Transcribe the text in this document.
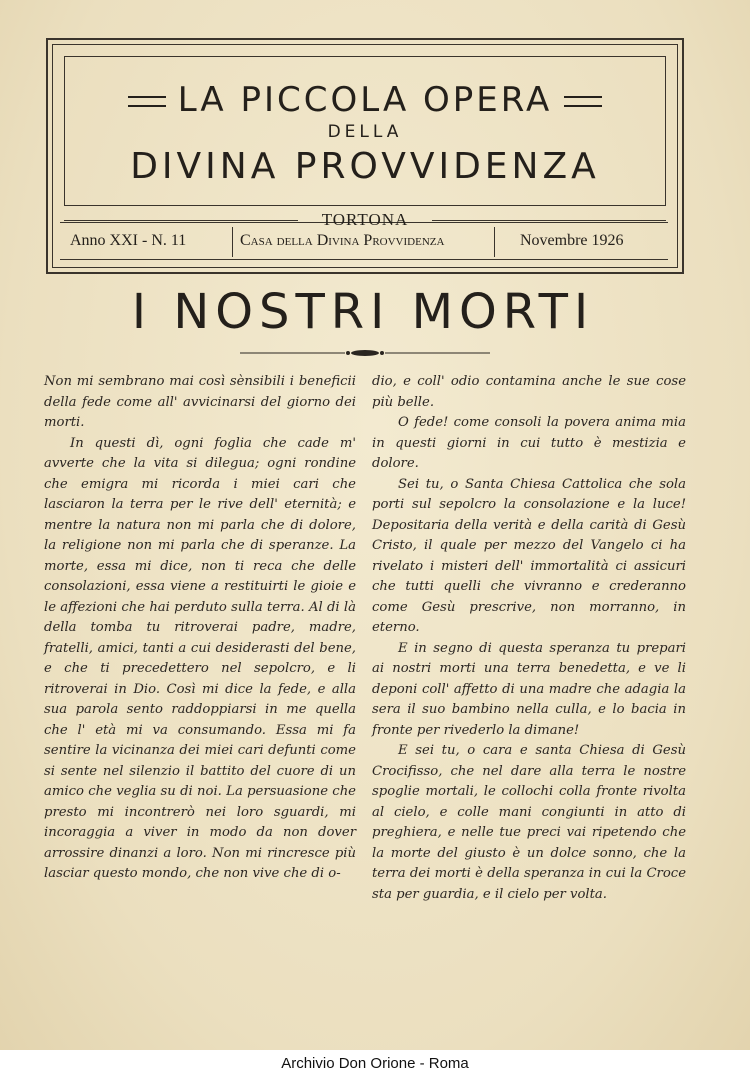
LA PICCOLA OPERA
DELLA
DIVINA PROVVIDENZA
Anno XXI - N. 11	Casa della Divina Provvidenza	Novembre 1926
TORTONA
I NOSTRI MORTI

Non mi sembrano mai così sènsibili i beneficii della fede come all' avvicinarsi del giorno dei morti.

In questi dì, ogni foglia che cade m' avverte che la vita si dilegua; ogni rondine che emigra mi ricorda i miei cari che lasciaron la terra per le rive dell' eternità; e mentre la natura non mi parla che di dolore, la religione non mi parla che di speranze. La morte, essa mi dice, non ti reca che delle consolazioni, essa viene a restituirti le gioie e le affezioni che hai perduto sulla terra. Al di là della tomba tu ritroverai padre, madre, fratelli, amici, tanti a cui desiderasti del bene, e che ti precedettero nel sepolcro, e li ritroverai in Dio. Così mi dice la fede, e alla sua parola sento raddoppiarsi in me quella che l' età mi va consumando. Essa mi fa sentire la vicinanza dei miei cari defunti come si sente nel silenzio il battito del cuore di un amico che veglia su di noi. La persuasione che presto mi incontrerò nei loro sguardi, mi incoraggia a viver in modo da non dover arrossire dinanzi a loro. Non mi rincresce più lasciar questo mondo, che non vive che di o-

dio, e coll' odio contamina anche le sue cose più belle.

O fede! come consoli la povera anima mia in questi giorni in cui tutto è mestizia e dolore.

Sei tu, o Santa Chiesa Cattolica che sola porti sul sepolcro la consolazione e la luce! Depositaria della verità e della carità di Gesù Cristo, il quale per mezzo del Vangelo ci ha rivelato i misteri dell' immortalità ci assicuri che tutti quelli che vivranno e crederanno come Gesù prescrive, non morranno, in eterno.

E in segno di questa speranza tu prepari ai nostri morti una terra benedetta, e ve li deponi coll' affetto di una madre che adagia la sera il suo bambino nella culla, e lo bacia in fronte per rivederlo la dimane!

E sei tu, o cara e santa Chiesa di Gesù Crocifisso, che nel dare alla terra le nostre spoglie mortali, le collochi colla fronte rivolta al cielo, e colle mani congiunti in atto di preghiera, e nelle tue preci vai ripetendo che la morte del giusto è un dolce sonno, che la terra dei morti è della speranza in cui la Croce sta per guardia, e il cielo per volta.

Archivio Don Orione - Roma
